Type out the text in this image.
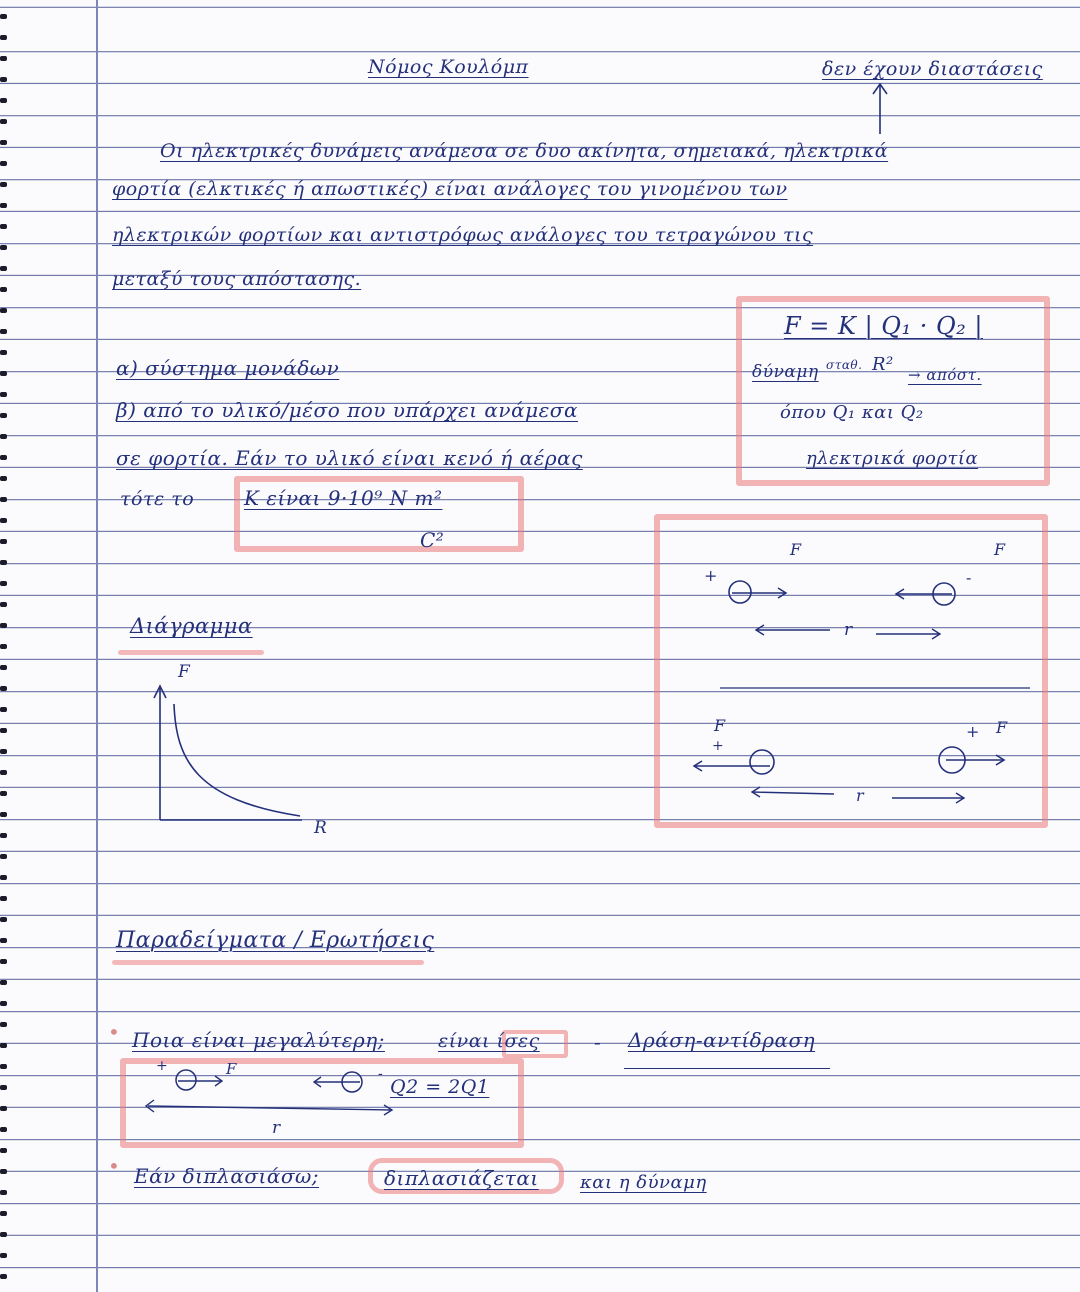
Nόμος Κουλόμπ	δεν έχουν διαστάσεις
Οι ηλεκτρικές δυνάμεις ανάμεσα σε δυο ακίνητα, σημειακά, ηλεκτρικά
φορτία (ελκτικές ή απωστικές) είναι ανάλογες του γινομένου των
ηλεκτρικών φορτίων και αντιστρόφως ανάλογες του τετραγώνου τις
μεταξύ τους απόστασης.
F = K | Q₁ · Q₂ |
δύναμη σταθ. R² → απόστ.
όπου Q₁ και Q₂
ηλεκτρικά φορτία
α) σύστημα μονάδων
β) από το υλικό/μέσο που υπάρχει ανάμεσα
σε φορτία. Εάν το υλικό είναι κενό ή αέρας
τότε το K είναι 9·10⁹ N m²
C²
Διάγραμμα
F
R
F	F
+	-
r
F
+
+ F
r
Παραδείγματα / Ερωτήσεις
• Ποια είναι μεγαλύτερη;	είναι ίσες	- Δράση-αντίδραση
+	F	-
Q2 = 2Q1
r
• Εάν διπλασιάσω;	διπλασιάζεται και η δύναμη
